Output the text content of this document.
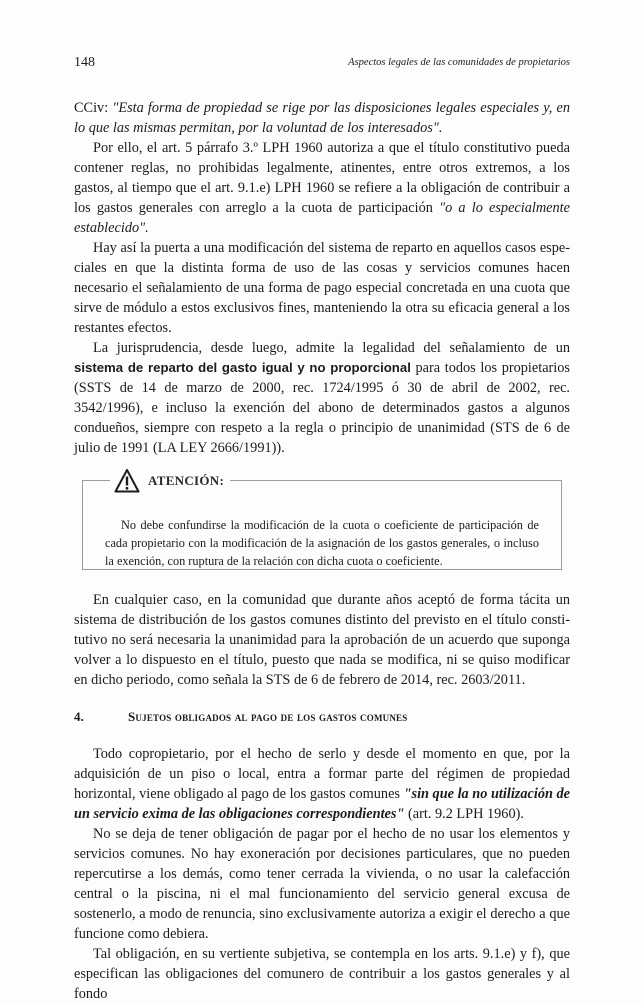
148	Aspectos legales de las comunidades de propietarios

CCiv: "Esta forma de propiedad se rige por las disposiciones legales especiales y, en lo que las mismas permitan, por la voluntad de los interesados".

Por ello, el art. 5 párrafo 3.º LPH 1960 autoriza a que el título constitutivo pueda contener reglas, no prohibidas legalmente, atinentes, entre otros extremos, a los gastos, al tiempo que el art. 9.1.e) LPH 1960 se refiere a la obligación de contribuir a los gastos generales con arreglo a la cuota de participación "o a lo especialmente establecido".

Hay así la puerta a una modificación del sistema de reparto en aquellos casos especiales en que la distinta forma de uso de las cosas y servicios comunes hacen necesario el señalamiento de una forma de pago especial concretada en una cuota que sirve de módulo a estos exclusivos fines, manteniendo la otra su eficacia general a los restantes efectos.

La jurisprudencia, desde luego, admite la legalidad del señalamiento de un sistema de reparto del gasto igual y no proporcional para todos los propietarios (SSTS de 14 de marzo de 2000, rec. 1724/1995 ó 30 de abril de 2002, rec. 3542/1996), e incluso la exención del abono de determinados gastos a algunos condueños, siempre con respeto a la regla o principio de unanimidad (STS de 6 de julio de 1991 (LA LEY 2666/1991)).

No debe confundirse la modificación de la cuota o coeficiente de participación de cada propietario con la modificación de la asignación de los gastos generales, o incluso la exención, con ruptura de la relación con dicha cuota o coeficiente.

ATENCIÓN:

En cualquier caso, en la comunidad que durante años aceptó de forma tácita un sistema de distribución de los gastos comunes distinto del previsto en el título constitutivo no será necesaria la unanimidad para la aprobación de un acuerdo que suponga volver a lo dispuesto en el título, puesto que nada se modifica, ni se quiso modificar en dicho periodo, como señala la STS de 6 de febrero de 2014, rec. 2603/2011.

4.	Sujetos obligados al pago de los gastos comunes

Todo copropietario, por el hecho de serlo y desde el momento en que, por la adquisición de un piso o local, entra a formar parte del régimen de propiedad horizontal, viene obligado al pago de los gastos comunes "sin que la no utilización de un servicio exima de las obligaciones correspondientes" (art. 9.2 LPH 1960).

No se deja de tener obligación de pagar por el hecho de no usar los elementos y servicios comunes. No hay exoneración por decisiones particulares, que no pueden repercutirse a los demás, como tener cerrada la vivienda, o no usar la calefacción central o la piscina, ni el mal funcionamiento del servicio general excusa de sostenerlo, a modo de renuncia, sino exclusivamente autoriza a exigir el derecho a que funcione como debiera.

Tal obligación, en su vertiente subjetiva, se contempla en los arts. 9.1.e) y f), que especifican las obligaciones del comunero de contribuir a los gastos generales y al fondo
